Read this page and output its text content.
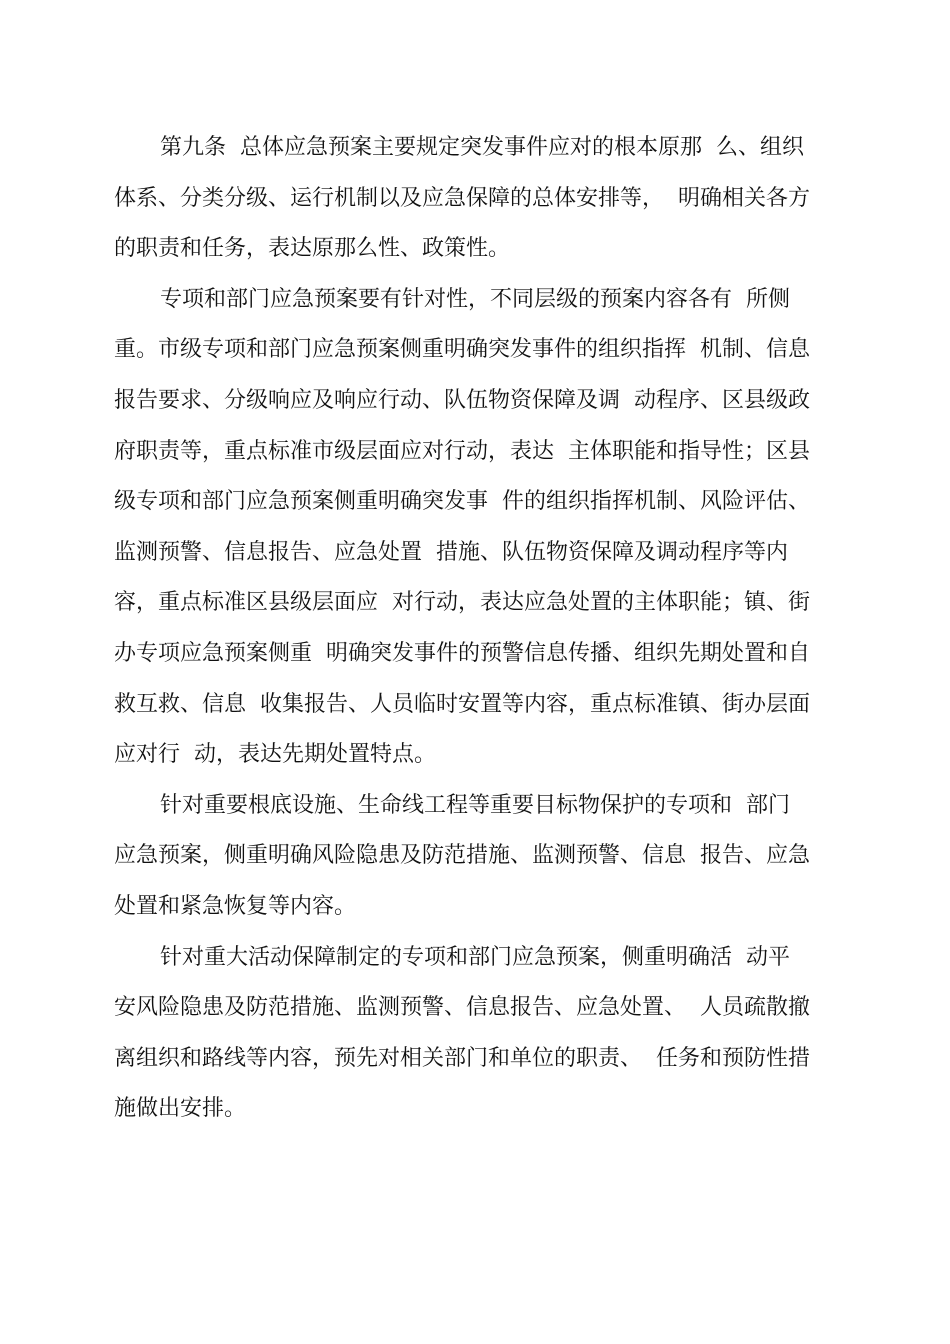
第九条  总体应急预案主要规定突发事件应对的根本原那  么、组织
体系、分类分级、运行机制以及应急保障的总体安排等，  明确相关各方
的职责和任务，表达原那么性、政策性。
专项和部门应急预案要有针对性，不同层级的预案内容各有  所侧
重。市级专项和部门应急预案侧重明确突发事件的组织指挥  机制、信息
报告要求、分级响应及响应行动、队伍物资保障及调  动程序、区县级政
府职责等，重点标准市级层面应对行动，表达  主体职能和指导性；区县
级专项和部门应急预案侧重明确突发事  件的组织指挥机制、风险评估、
监测预警、信息报告、应急处置  措施、队伍物资保障及调动程序等内
容，重点标准区县级层面应  对行动，表达应急处置的主体职能；镇、街
办专项应急预案侧重  明确突发事件的预警信息传播、组织先期处置和自
救互救、信息  收集报告、人员临时安置等内容，重点标准镇、街办层面
应对行  动，表达先期处置特点。
针对重要根底设施、生命线工程等重要目标物保护的专项和  部门
应急预案，侧重明确风险隐患及防范措施、监测预警、信息  报告、应急
处置和紧急恢复等内容。
针对重大活动保障制定的专项和部门应急预案，侧重明确活  动平
安风险隐患及防范措施、监测预警、信息报告、应急处置、  人员疏散撤
离组织和路线等内容，预先对相关部门和单位的职责、  任务和预防性措
施做出安排。
